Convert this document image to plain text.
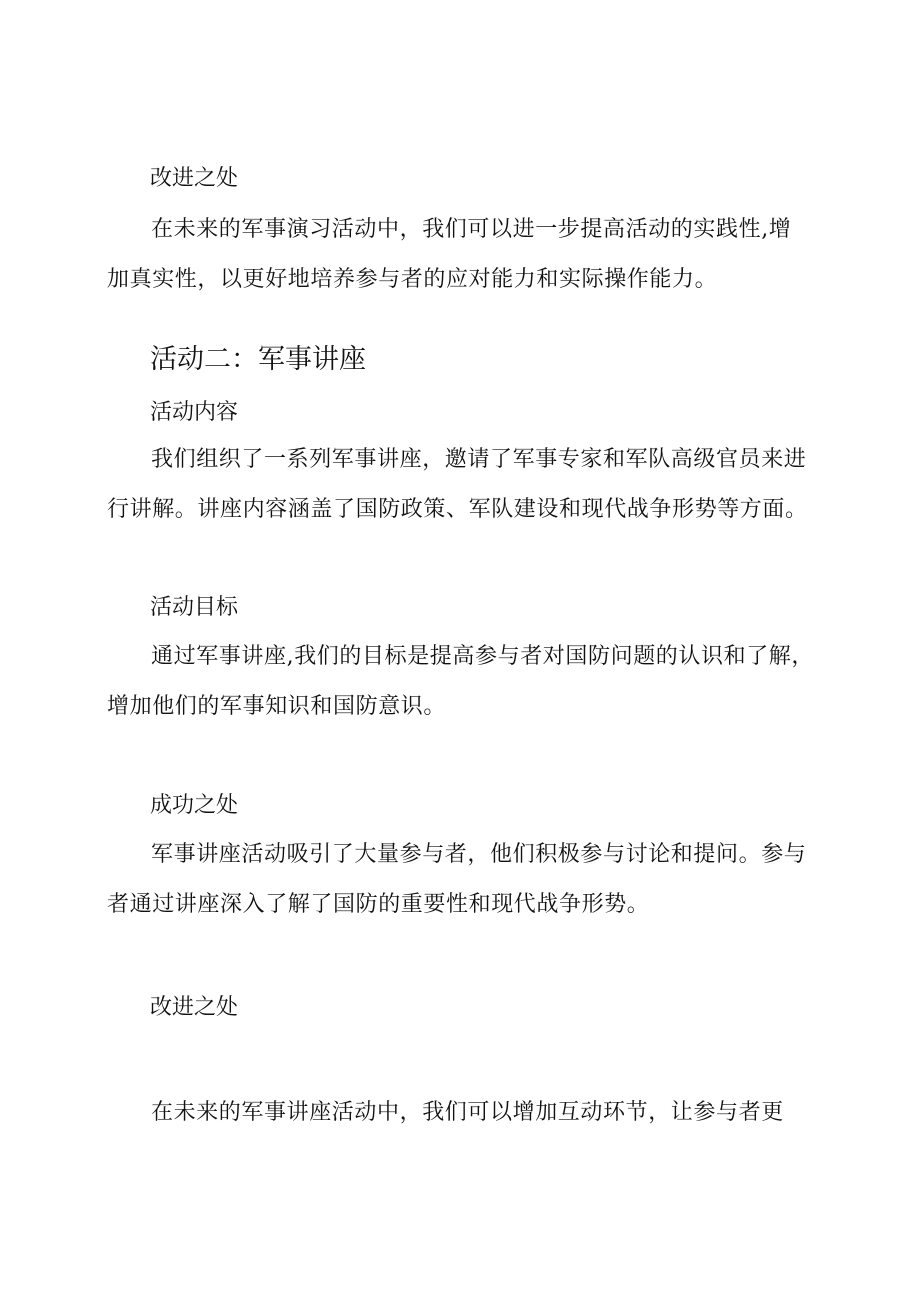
改进之处

在未来的军事演习活动中，我们可以进一步提高活动的实践性,增
加真实性，以更好地培养参与者的应对能力和实际操作能力。

活动二：军事讲座
活动内容

我们组织了一系列军事讲座，邀请了军事专家和军队高级官员来进
行讲解。讲座内容涵盖了国防政策、军队建设和现代战争形势等方面。

活动目标

通过军事讲座,我们的目标是提高参与者对国防问题的认识和了解，
增加他们的军事知识和国防意识。

成功之处

军事讲座活动吸引了大量参与者，他们积极参与讨论和提问。参与
者通过讲座深入了解了国防的重要性和现代战争形势。

改进之处

在未来的军事讲座活动中，我们可以增加互动环节，让参与者更
